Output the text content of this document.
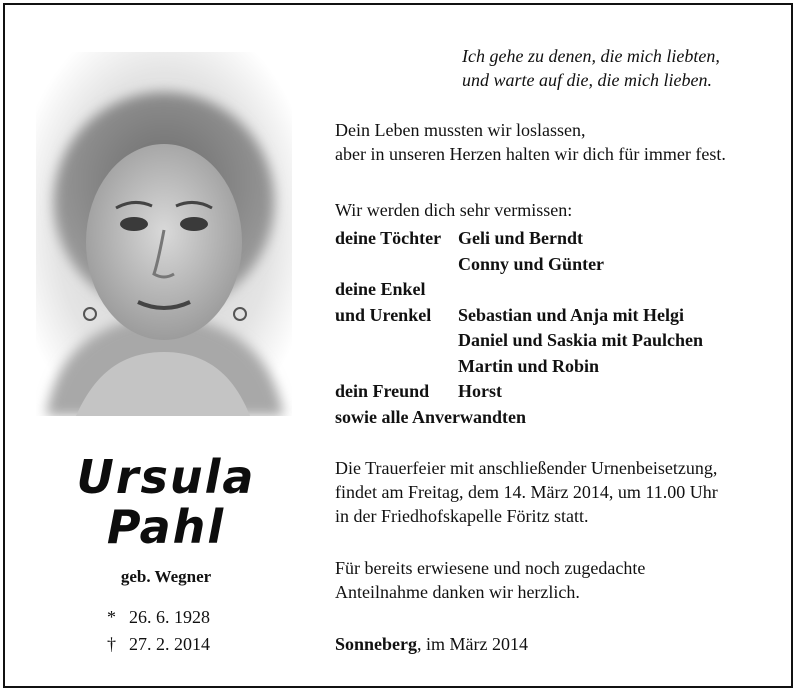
Ursula
Pahl
geb. Wegner
* 26. 6. 1928
† 27. 2. 2014
Ich gehe zu denen, die mich liebten,
und warte auf die, die mich lieben.
Dein Leben mussten wir loslassen,
aber in unseren Herzen halten wir dich für immer fest.
Wir werden dich sehr vermissen:
deine Töchter Geli und Berndt
Conny und Günter
deine Enkel
und Urenkel Sebastian und Anja mit Helgi
Daniel und Saskia mit Paulchen
Martin und Robin
dein Freund Horst
sowie alle Anverwandten
Die Trauerfeier mit anschließender Urnenbeisetzung,
findet am Freitag, dem 14. März 2014, um 11.00 Uhr
in der Friedhofskapelle Föritz statt.
Für bereits erwiesene und noch zugedachte
Anteilnahme danken wir herzlich.
Sonneberg, im März 2014
